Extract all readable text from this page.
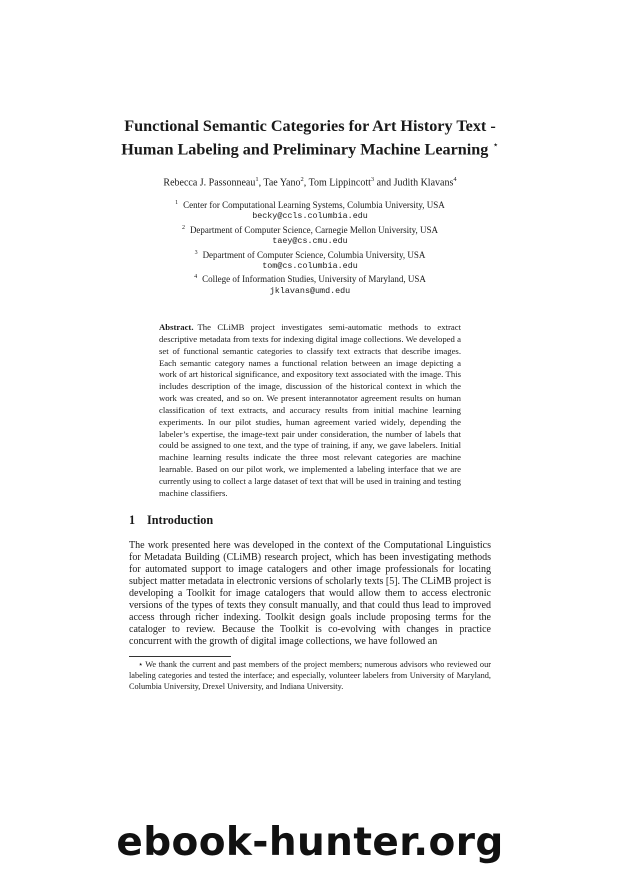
Functional Semantic Categories for Art History Text -
Human Labeling and Preliminary Machine Learning ⋆
Rebecca J. Passonneau$^1$, Tae Yano$^2$, Tom Lippincott$^3$ and Judith Klavans$^4$
$^1$ Center for Computational Learning Systems, Columbia University, USA
becky@ccls.columbia.edu
$^2$ Department of Computer Science, Carnegie Mellon University, USA
taey@cs.cmu.edu
$^3$ Department of Computer Science, Columbia University, USA
tom@cs.columbia.edu
$^4$ College of Information Studies, University of Maryland, USA
jklavans@umd.edu
Abstract. The CLiMB project investigates semi-automatic methods to extract descriptive metadata from texts for indexing digital image collections. We developed a set of functional semantic categories to classify text extracts that describe images. Each semantic category names a functional relation between an image depicting a work of art historical significance, and expository text associated with the image. This includes description of the image, discussion of the historical context in which the work was created, and so on. We present interannotator agreement results on human classification of text extracts, and accuracy results from initial machine learning experiments. In our pilot studies, human agreement varied widely, depending the labeler’s expertise, the image-text pair under consideration, the number of labels that could be assigned to one text, and the type of training, if any, we gave labelers. Initial machine learning results indicate the three most relevant categories are machine learnable. Based on our pilot work, we implemented a labeling interface that we are currently using to collect a large dataset of text that will be used in training and testing machine classifiers.
1 Introduction
The work presented here was developed in the context of the Computational Linguistics for Metadata Building (CLiMB) research project, which has been investigating methods for automated support to image catalogers and other image professionals for locating subject matter metadata in electronic versions of scholarly texts [5]. The CLiMB project is developing a Toolkit for image catalogers that would allow them to access electronic versions of the types of texts they consult manually, and that could thus lead to improved access through richer indexing. Toolkit design goals include proposing terms for the cataloger to review. Because the Toolkit is co-evolving with changes in practice concurrent with the growth of digital image collections, we have followed an
⋆ We thank the current and past members of the project members; numerous advisors who reviewed our labeling categories and tested the interface; and especially, volunteer labelers from University of Maryland, Columbia University, Drexel University, and Indiana University.
ebook-hunter.org
